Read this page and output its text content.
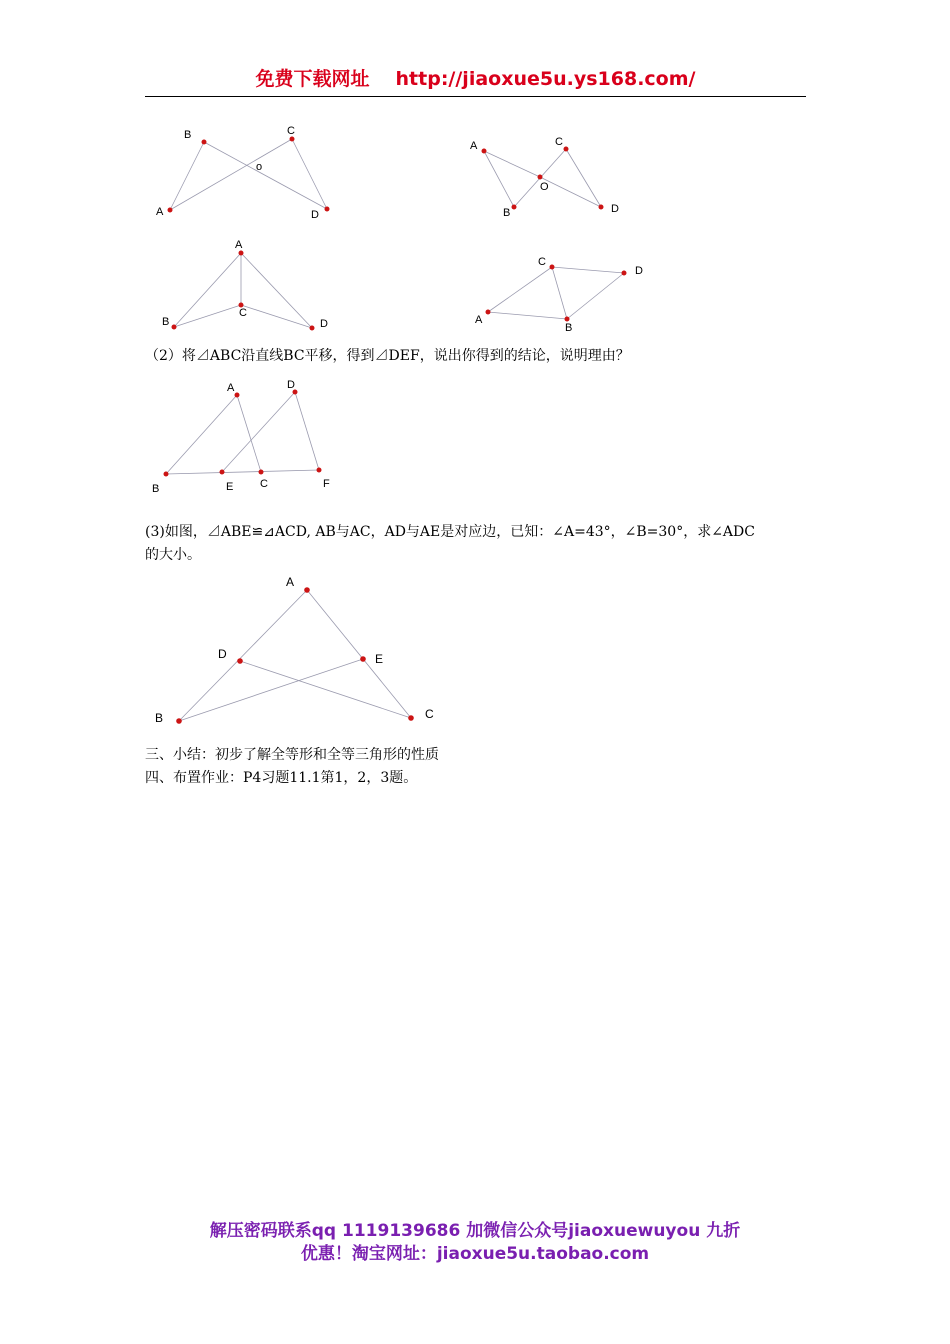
免费下载网址 http://jiaoxue5u.ys168.com/
B	C
o
A	D
A	C
O
B	D
A
C
B	D
C
D
A
B
（2）将⊿ABC沿直线BC平移，得到⊿DEF，说出你得到的结论，说明理由？
A	D
B	E C	F
(3)如图，⊿ABE≌⊿ACD, AB与AC，AD与AE是对应边，已知：∠A=43°，∠B=30°，求∠ADC
的大小。
A
D	E
B	C
三、小结：初步了解全等形和全等三角形的性质
四、布置作业：P4习题11.1第1，2，3题。
解压密码联系qq 1119139686 加微信公众号jiaoxuewuyou 九折
优惠！淘宝网址：jiaoxue5u.taobao.com
